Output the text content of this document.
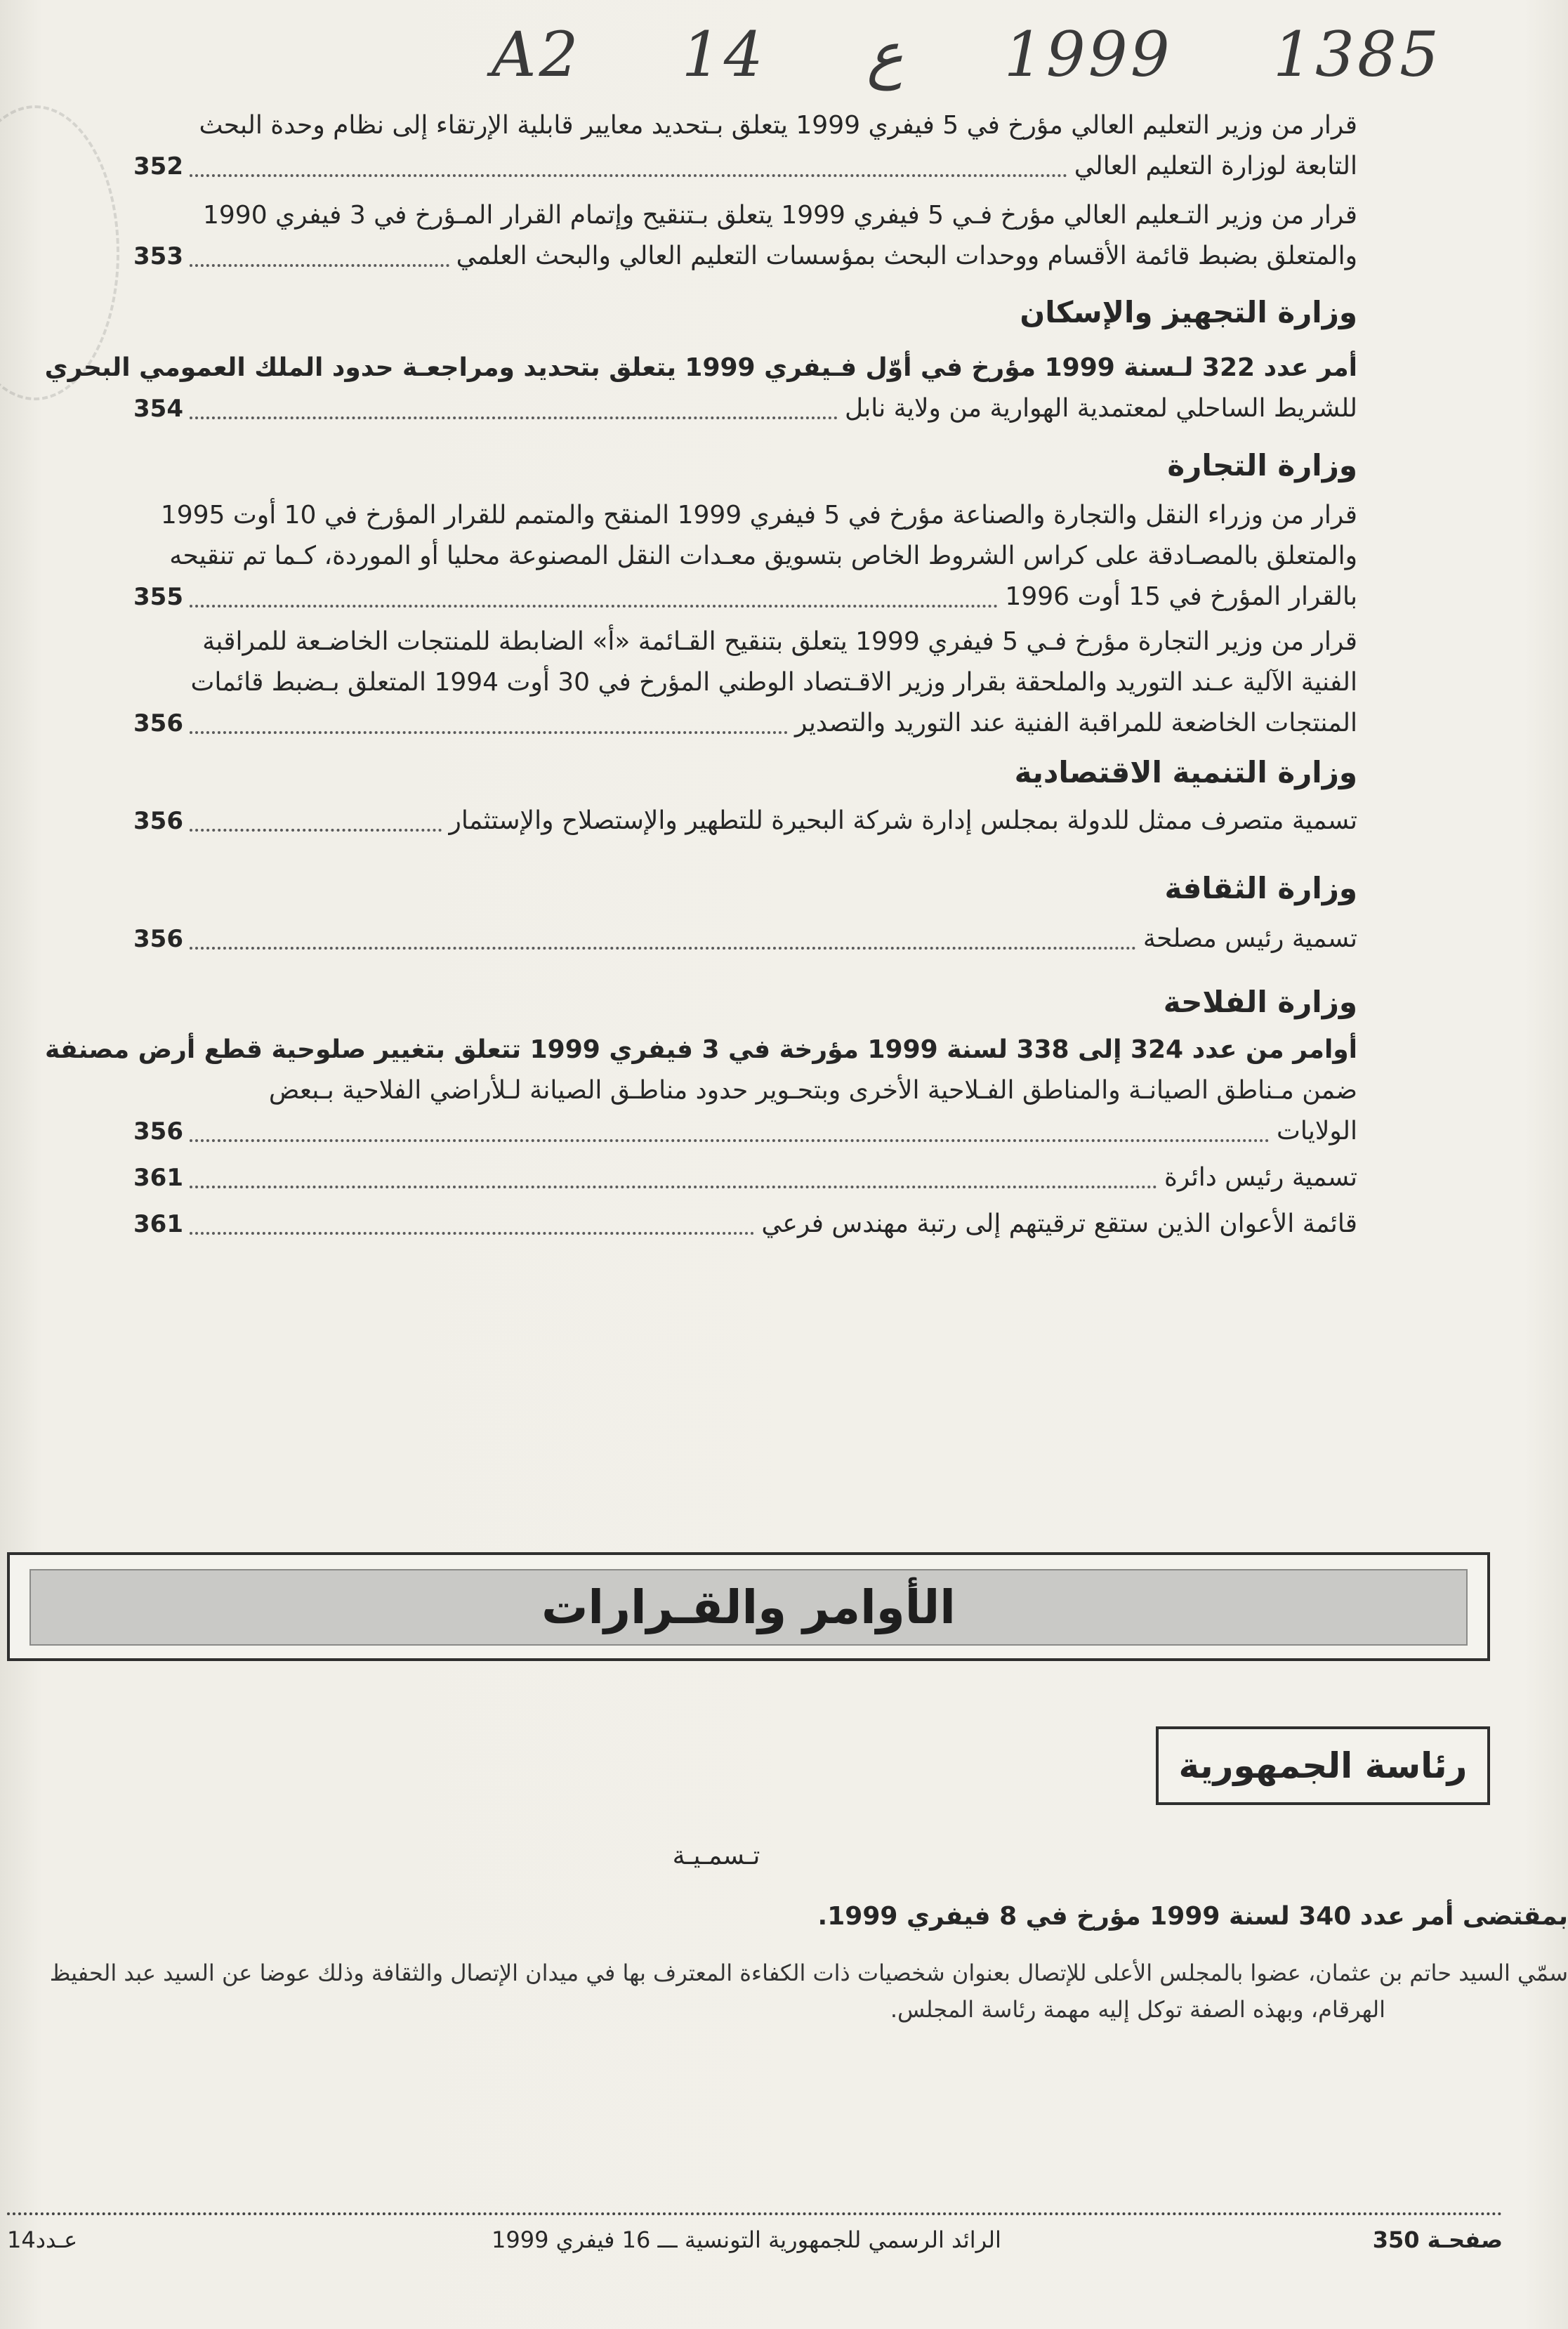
A2 14 ع 1999 1385
قرار من وزير التعليم العالي مؤرخ في 5 فيفري 1999 يتعلق بـتحديد معايير قابلية الإرتقاء إلى نظام وحدة البحث
التابعة لوزارة التعليم العالي
352
قرار من وزير التـعليم العالي مؤرخ فـي 5 فيفري 1999 يتعلق بـتنقيح وإتمام القرار المـؤرخ في 3 فيفري 1990
والمتعلق بضبط قائمة الأقسام ووحدات البحث بمؤسسات التعليم العالي والبحث العلمي
353
وزارة التجهيز والإسكان
أمر عدد 322 لـسنة 1999 مؤرخ في أوّل فـيفري 1999 يتعلق بتحديد ومراجعـة حدود الملك العمومي البحري
للشريط الساحلي لمعتمدية الهوارية من ولاية نابل
354
وزارة التجارة
قرار من وزراء النقل والتجارة والصناعة مؤرخ في 5 فيفري 1999 المنقح والمتمم للقرار المؤرخ في 10 أوت 1995
والمتعلق بالمصـادقة على كراس الشروط الخاص بتسويق معـدات النقل المصنوعة محليا أو الموردة، كـما تم تنقيحه
بالقرار المؤرخ في 15 أوت 1996
355
قرار من وزير التجارة مؤرخ فـي 5 فيفري 1999 يتعلق بتنقيح القـائمة «أ» الضابطة للمنتجات الخاضـعة للمراقبة
الفنية الآلية عـند التوريد والملحقة بقرار وزير الاقـتصاد الوطني المؤرخ في 30 أوت 1994 المتعلق بـضبط قائمات
المنتجات الخاضعة للمراقبة الفنية عند التوريد والتصدير
356
وزارة التنمية الاقتصادية
تسمية متصرف ممثل للدولة بمجلس إدارة شركة البحيرة للتطهير والإستصلاح والإستثمار
356
وزارة الثقافة
تسمية رئيس مصلحة
356
وزارة الفلاحة
أوامر من عدد 324 إلى 338 لسنة 1999 مؤرخة في 3 فيفري 1999 تتعلق بتغيير صلوحية قطع أرض مصنفة
ضمن مـناطق الصيانـة والمناطق الفـلاحية الأخرى وبتحـوير حدود مناطـق الصيانة لـلأراضي الفلاحية بـبعض
الولايات
356
تسمية رئيس دائرة
361
قائمة الأعوان الذين ستقع ترقيتهم إلى رتبة مهندس فرعي
361
الأوامر والقـرارات
رئاسة الجمهورية
تـسمـيـة
بمقتضى أمر عدد 340 لسنة 1999 مؤرخ في 8 فيفري 1999.
سمّي السيد حاتم بن عثمان، عضوا بالمجلس الأعلى للإتصال بعنوان شخصيات ذات الكفاءة المعترف بها في ميدان الإتصال والثقافة وذلك عوضا عن السيد عبد الحفيظ
الهرقام، وبهذه الصفة توكل إليه مهمة رئاسة المجلس.
صفحـة 350
الرائد الرسمي للجمهورية التونسية ـــ 16 فيفري 1999
عـدد14
